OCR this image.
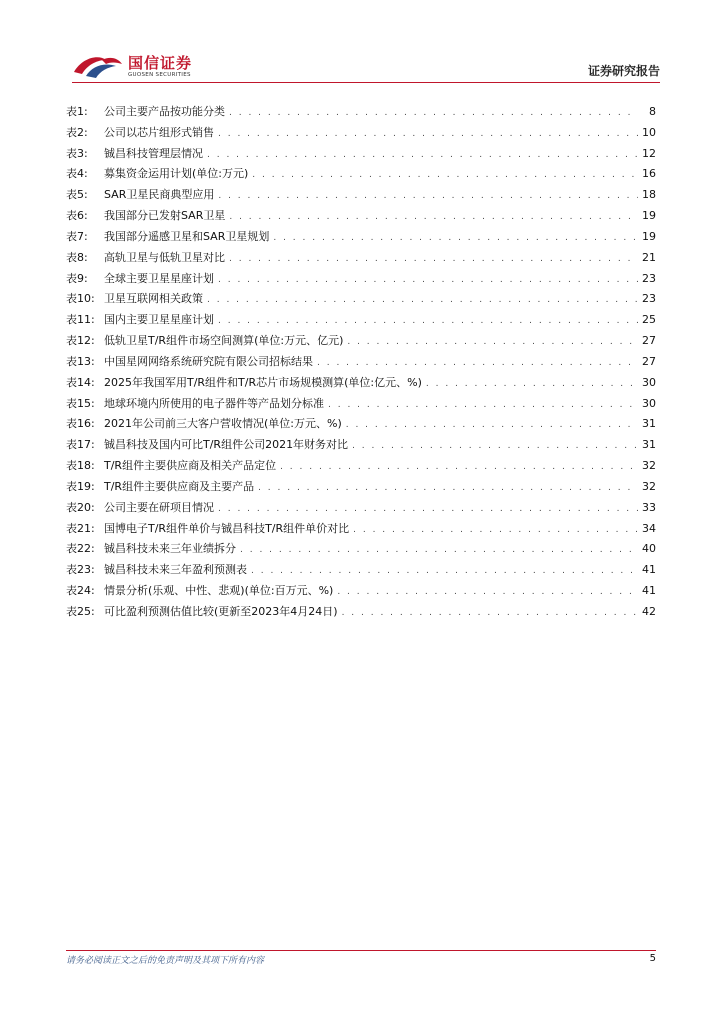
国信证券
GUOSEN SECURITIES	证券研究报告
表1:	公司主要产品按功能分类 . . .	8
表2:	公司以芯片组形式销售 . . .	10
表3:	铖昌科技管理层情况 . . .	12
表4:	募集资金运用计划(单位:万元) . . .	16
表5:	SAR卫星民商典型应用 . . .	18
表6:	我国部分已发射SAR卫星 . . .	19
表7:	我国部分遥感卫星和SAR卫星规划 . . .	19
表8:	高轨卫星与低轨卫星对比 . . .	21
表9:	全球主要卫星星座计划 . . .	23
表10: 卫星互联网相关政策 . . .	23
表11: 国内主要卫星星座计划 . . .	25
表12: 低轨卫星T/R组件市场空间测算(单位:万元、亿元) . . .	27
表13: 中国星网网络系统研究院有限公司招标结果 . . .	27
表14: 2025年我国军用T/R组件和T/R芯片市场规模测算(单位:亿元、%) . . .	30
表15: 地球环境内所使用的电子器件等产品划分标准 . . .	30
表16: 2021年公司前三大客户营收情况(单位:万元、%) . . .	31
表17: 铖昌科技及国内可比T/R组件公司2021年财务对比 . . .	31
表18: T/R组件主要供应商及相关产品定位 . . .	32
表19: T/R组件主要供应商及主要产品 . . .	32
表20: 公司主要在研项目情况 . . .	33
表21: 国博电子T/R组件单价与铖昌科技T/R组件单价对比 . . .	34
表22: 铖昌科技未来三年业绩拆分 . . .	40
表23: 铖昌科技未来三年盈利预测表 . . .	41
表24: 情景分析(乐观、中性、悲观)(单位:百万元、%) . . .	41
表25: 可比盈利预测估值比较(更新至2023年4月24日) . . .	42
请务必阅读正文之后的免责声明及其项下所有内容	5
